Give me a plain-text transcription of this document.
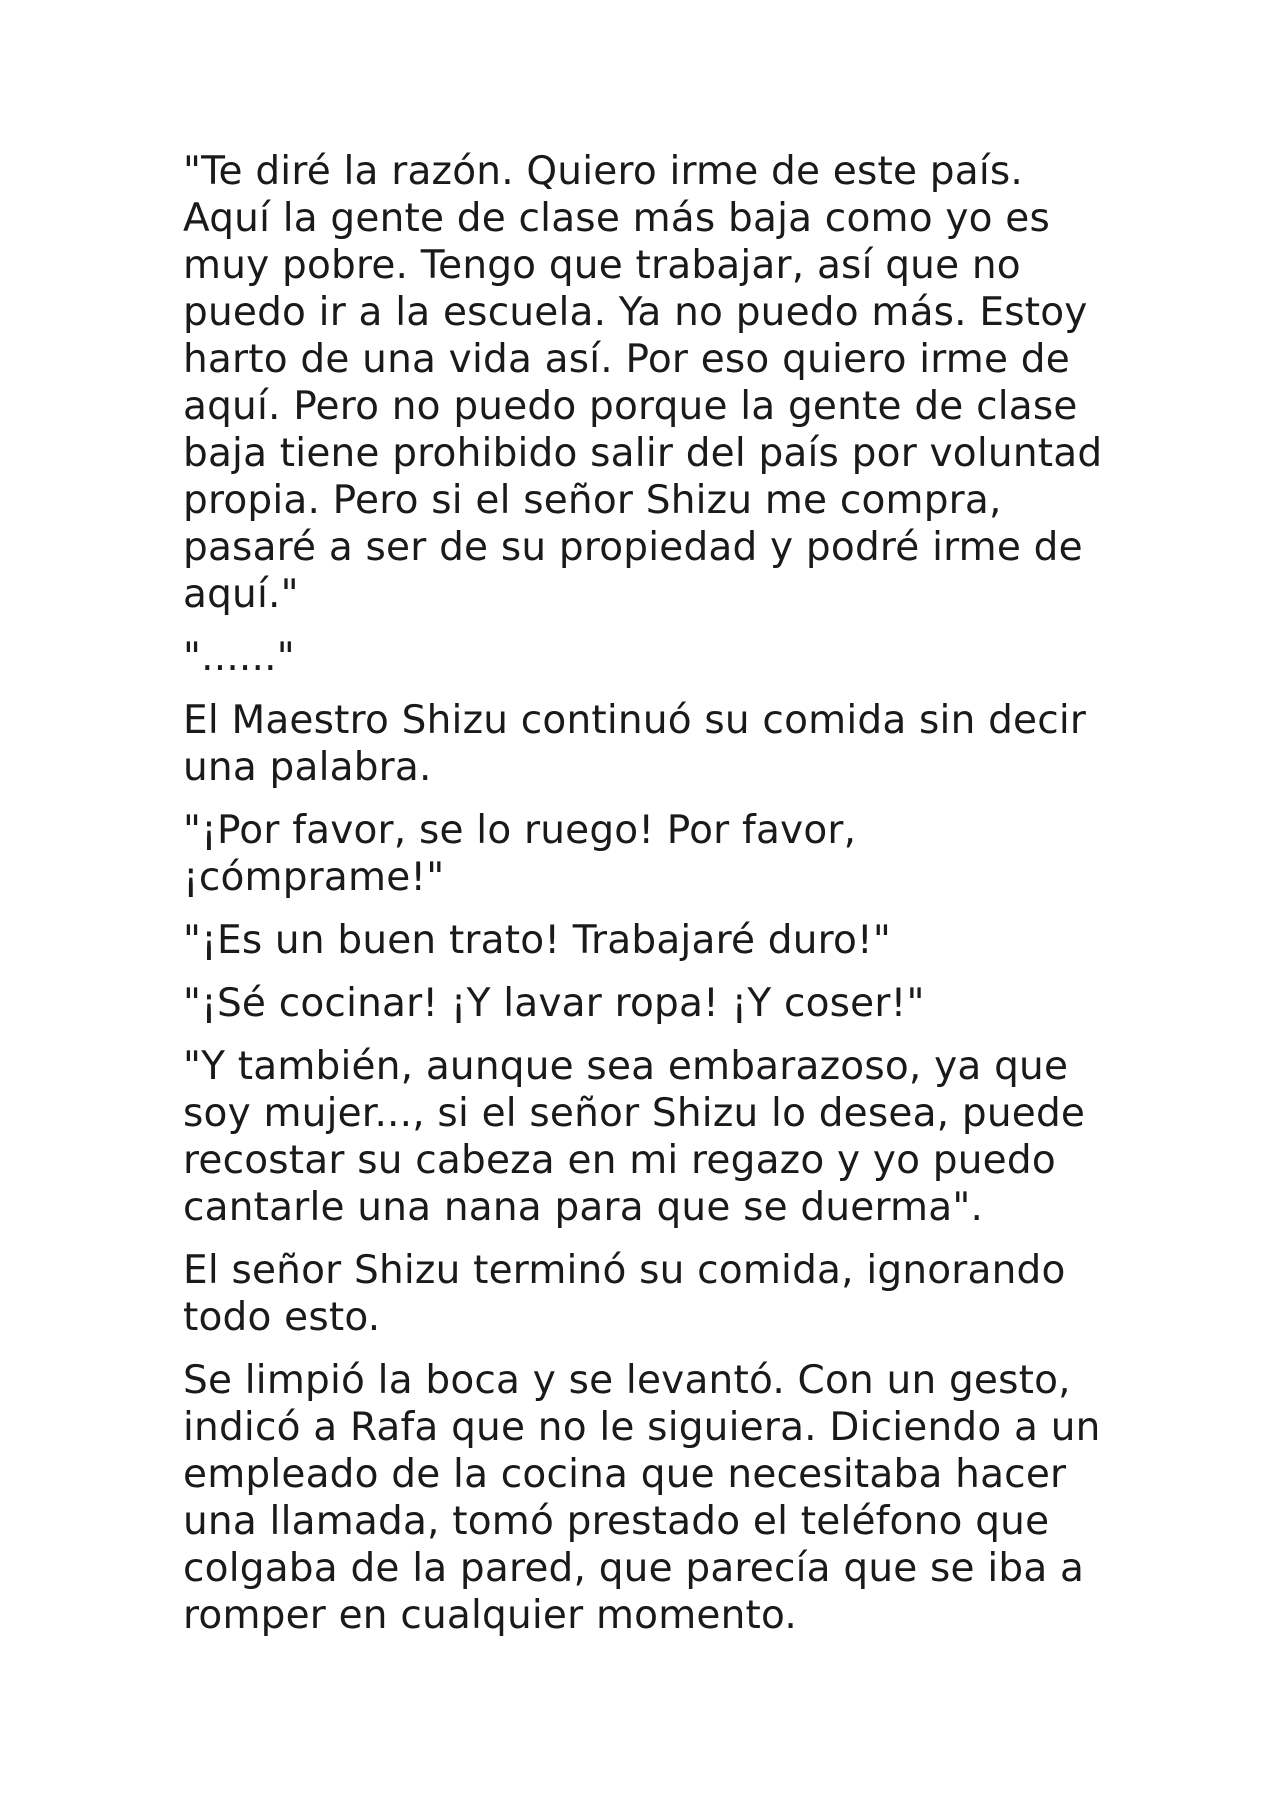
"Te diré la razón. Quiero irme de este país.
Aquí la gente de clase más baja como yo es
muy pobre. Tengo que trabajar, así que no
puedo ir a la escuela. Ya no puedo más. Estoy
harto de una vida así. Por eso quiero irme de
aquí. Pero no puedo porque la gente de clase
baja tiene prohibido salir del país por voluntad
propia. Pero si el señor Shizu me compra,
pasaré a ser de su propiedad y podré irme de
aquí."

"......"

El Maestro Shizu continuó su comida sin decir
una palabra.

"¡Por favor, se lo ruego! Por favor,
¡cómprame!"

"¡Es un buen trato! Trabajaré duro!"

"¡Sé cocinar! ¡Y lavar ropa! ¡Y coser!"

"Y también, aunque sea embarazoso, ya que
soy mujer..., si el señor Shizu lo desea, puede
recostar su cabeza en mi regazo y yo puedo
cantarle una nana para que se duerma".

El señor Shizu terminó su comida, ignorando
todo esto.

Se limpió la boca y se levantó. Con un gesto,
indicó a Rafa que no le siguiera. Diciendo a un
empleado de la cocina que necesitaba hacer
una llamada, tomó prestado el teléfono que
colgaba de la pared, que parecía que se iba a
romper en cualquier momento.
